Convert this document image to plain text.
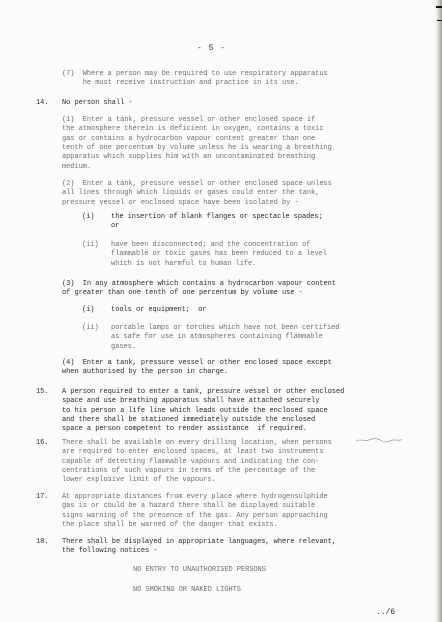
- 5 -
(7)  Where a person may be required to use respiratory apparatus
he must receive instruction and practice in its use.
14. No person shall -
(1)  Enter a tank, pressure vessel or other enclosed space if
the atmosphere therein is deficient in oxygen, contains a toxic
gas or contains a hydrocarbon vapour content greater than one
tenth of one percentum by volume unless he is wearing a breathing
apparatus which supplies him with an uncontaminated breathing
medium.
(2)  Enter a tank, pressure vessel or other enclosed space unless
all lines through which liquids or gases could enter the tank,
pressure vessel or enclosed space have been isolated by -
(i)    the insertion of blank flanges or spectacle spades;
or
(ii)   have been disconnected; and the concentration of
flammable or toxic gases has been reduced to a level
which is not harmful to human life.
(3)  In any atmosphere which contains a hydrocarbon vapour content
of greater than one tenth of one percentum by volume use -
(i)    tools or equipment;  or
(ii)   portable lamps or torches which have not been certified
as safe for use in atmospheres containing flammable
gases.
(4)  Enter a tank, pressure vessel or other enclosed space except
when authorised by the person in charge.
15. A person required to enter a tank, pressure vessel or other enclosed
space and use breathing apparatus shall have attached securely
to his person a life line which leads outside the enclosed space
and there shall be stationed immediately outside the enclosed
space a person competent to render assistance  if required.
16. There shall be available on every drilling location, when persons
are required to enter enclosed spaces, at least two instruments
capable of detecting flammable vapours and indicating the con-
centrations of such vapours in terms of the percentage of the
lower explosive limit of the vapours.
17. At appropriate distances from every place where hydrogensulphide
gas is or could be a hazard there shall be displayed suitable
signs warning of the presence of the gas. Any person approaching
the place shall be warned of the danger that exists.
18. There shall be displayed in appropriate languages, where relevant,
the following notices -
NO ENTRY TO UNAUTHORISED PERSONS
NO SMOKING OR NAKED LIGHTS
../6
